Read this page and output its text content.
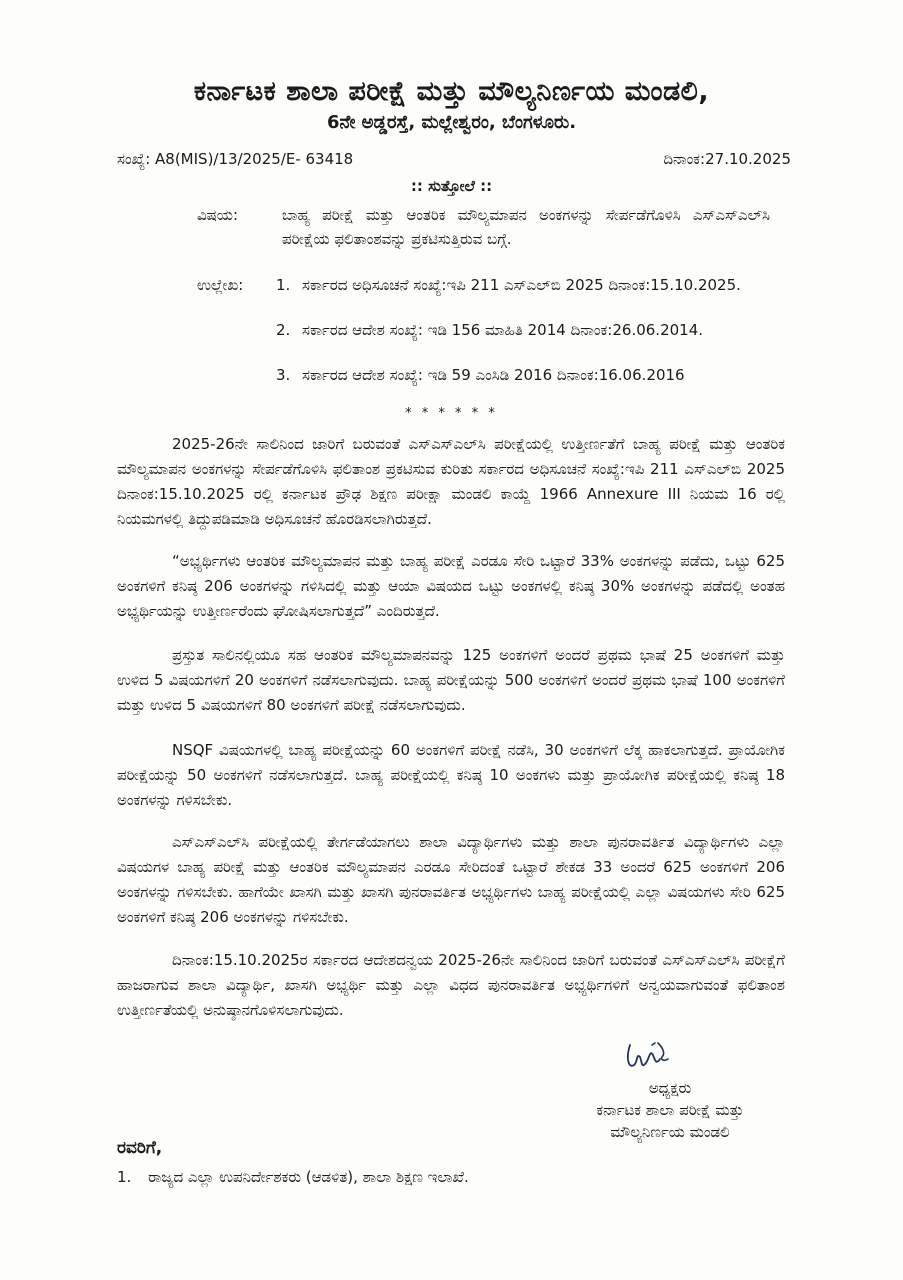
ಕರ್ನಾಟಕ ಶಾಲಾ ಪರೀಕ್ಷೆ ಮತ್ತು ಮೌಲ್ಯನಿರ್ಣಯ ಮಂಡಲಿ,
6ನೇ ಅಡ್ಡರಸ್ತೆ, ಮಲ್ಲೇಶ್ವರಂ, ಬೆಂಗಳೂರು.
ಸಂಖ್ಯೆ: A8(MIS)/13/2025/E- 63418	ದಿನಾಂಕ:27.10.2025
:: ಸುತ್ತೋಲೆ ::
ವಿಷಯ:	ಬಾಹ್ಯ ಪರೀಕ್ಷೆ ಮತ್ತು ಆಂತರಿಕ ಮೌಲ್ಯಮಾಪನ ಅಂಕಗಳನ್ನು ಸೇರ್ಪಡೆಗೊಳಿಸಿ ಎಸ್‌ಎಸ್‌ಎಲ್‌ಸಿ ಪರೀಕ್ಷೆಯ ಫಲಿತಾಂಶವನ್ನು ಪ್ರಕಟಿಸುತ್ತಿರುವ ಬಗ್ಗೆ.
ಉಲ್ಲೇಖ: 1. ಸರ್ಕಾರದ ಅಧಿಸೂಚನೆ ಸಂಖ್ಯೆ:ಇಪಿ 211 ಎಸ್‌ಎಲ್‌ಬಿ 2025 ದಿನಾಂಕ:15.10.2025.
2. ಸರ್ಕಾರದ ಆದೇಶ ಸಂಖ್ಯೆ: ಇಡಿ 156 ಮಾಹಿತಿ 2014 ದಿನಾಂಕ:26.06.2014.
3. ಸರ್ಕಾರದ ಆದೇಶ ಸಂಖ್ಯೆ: ಇಡಿ 59 ಎಂಸಿಡಿ 2016 ದಿನಾಂಕ:16.06.2016
* * * * * *
2025-26ನೇ ಸಾಲಿನಿಂದ ಜಾರಿಗೆ ಬರುವಂತೆ ಎಸ್‌ಎಸ್‌ಎಲ್‌ಸಿ ಪರೀಕ್ಷೆಯಲ್ಲಿ ಉತ್ತೀರ್ಣತೆಗೆ ಬಾಹ್ಯ ಪರೀಕ್ಷೆ ಮತ್ತು ಆಂತರಿಕ ಮೌಲ್ಯಮಾಪನ ಅಂಕಗಳನ್ನು ಸೇರ್ಪಡೆಗೊಳಿಸಿ ಫಲಿತಾಂಶ ಪ್ರಕಟಿಸುವ ಕುರಿತು ಸರ್ಕಾರದ ಅಧಿಸೂಚನೆ ಸಂಖ್ಯೆ:ಇಪಿ 211 ಎಸ್‌ಎಲ್‌ಬಿ 2025 ದಿನಾಂಕ:15.10.2025 ರಲ್ಲಿ ಕರ್ನಾಟಕ ಪ್ರೌಢ ಶಿಕ್ಷಣ ಪರೀಕ್ಷಾ ಮಂಡಲಿ ಕಾಯ್ದೆ 1966 Annexure III ನಿಯಮ 16 ರಲ್ಲಿ ನಿಯಮಗಳಲ್ಲಿ ತಿದ್ದುಪಡಿಮಾಡಿ ಅಧಿಸೂಚನೆ ಹೊರಡಿಸಲಾಗಿರುತ್ತದೆ.
“ಅಭ್ಯರ್ಥಿಗಳು ಆಂತರಿಕ ಮೌಲ್ಯಮಾಪನ ಮತ್ತು ಬಾಹ್ಯ ಪರೀಕ್ಷೆ ಎರಡೂ ಸೇರಿ ಒಟ್ಟಾರೆ 33% ಅಂಕಗಳನ್ನು ಪಡೆದು, ಒಟ್ಟು 625 ಅಂಕಗಳಿಗೆ ಕನಿಷ್ಠ 206 ಅಂಕಗಳನ್ನು ಗಳಿಸಿದಲ್ಲಿ ಮತ್ತು ಆಯಾ ವಿಷಯದ ಒಟ್ಟು ಅಂಕಗಳಲ್ಲಿ ಕನಿಷ್ಠ 30% ಅಂಕಗಳನ್ನು ಪಡೆದಲ್ಲಿ ಅಂತಹ ಅಭ್ಯರ್ಥಿಯನ್ನು ಉತ್ತೀರ್ಣರೆಂದು ಘೋಷಿಸಲಾಗುತ್ತದೆ” ಎಂದಿರುತ್ತದೆ.
ಪ್ರಸ್ತುತ ಸಾಲಿನಲ್ಲಿಯೂ ಸಹ ಆಂತರಿಕ ಮೌಲ್ಯಮಾಪನವನ್ನು 125 ಅಂಕಗಳಿಗೆ ಅಂದರೆ ಪ್ರಥಮ ಭಾಷೆ 25 ಅಂಕಗಳಿಗೆ ಮತ್ತು ಉಳಿದ 5 ವಿಷಯಗಳಿಗೆ 20 ಅಂಕಗಳಿಗೆ ನಡೆಸಲಾಗುವುದು. ಬಾಹ್ಯ ಪರೀಕ್ಷೆಯನ್ನು 500 ಅಂಕಗಳಿಗೆ ಅಂದರೆ ಪ್ರಥಮ ಭಾಷೆ 100 ಅಂಕಗಳಿಗೆ ಮತ್ತು ಉಳಿದ 5 ವಿಷಯಗಳಿಗೆ 80 ಅಂಕಗಳಿಗೆ ಪರೀಕ್ಷೆ ನಡೆಸಲಾಗುವುದು.
NSQF ವಿಷಯಗಳಲ್ಲಿ ಬಾಹ್ಯ ಪರೀಕ್ಷೆಯನ್ನು 60 ಅಂಕಗಳಿಗೆ ಪರೀಕ್ಷೆ ನಡೆಸಿ, 30 ಅಂಕಗಳಿಗೆ ಲೆಕ್ಕ ಹಾಕಲಾಗುತ್ತದೆ. ಪ್ರಾಯೋಗಿಕ ಪರೀಕ್ಷೆಯನ್ನು 50 ಅಂಕಗಳಿಗೆ ನಡೆಸಲಾಗುತ್ತದೆ. ಬಾಹ್ಯ ಪರೀಕ್ಷೆಯಲ್ಲಿ ಕನಿಷ್ಠ 10 ಅಂಕಗಳು ಮತ್ತು ಪ್ರಾಯೋಗಿಕ ಪರೀಕ್ಷೆಯಲ್ಲಿ ಕನಿಷ್ಠ 18 ಅಂಕಗಳನ್ನು ಗಳಿಸಬೇಕು.
ಎಸ್‌ಎಸ್‌ಎಲ್‌ಸಿ ಪರೀಕ್ಷೆಯಲ್ಲಿ ತೇರ್ಗಡೆಯಾಗಲು ಶಾಲಾ ವಿದ್ಯಾರ್ಥಿಗಳು ಮತ್ತು ಶಾಲಾ ಪುನರಾವರ್ತಿತ ವಿದ್ಯಾರ್ಥಿಗಳು ಎಲ್ಲಾ ವಿಷಯಗಳ ಬಾಹ್ಯ ಪರೀಕ್ಷೆ ಮತ್ತು ಆಂತರಿಕ ಮೌಲ್ಯಮಾಪನ ಎರಡೂ ಸೇರಿದಂತೆ ಒಟ್ಟಾರೆ ಶೇಕಡ 33 ಅಂದರೆ 625 ಅಂಕಗಳಿಗೆ 206 ಅಂಕಗಳನ್ನು ಗಳಿಸಬೇಕು. ಹಾಗೆಯೇ ಖಾಸಗಿ ಮತ್ತು ಖಾಸಗಿ ಪುನರಾವರ್ತಿತ ಅಭ್ಯರ್ಥಿಗಳು ಬಾಹ್ಯ ಪರೀಕ್ಷೆಯಲ್ಲಿ ಎಲ್ಲಾ ವಿಷಯಗಳು ಸೇರಿ 625 ಅಂಕಗಳಿಗೆ ಕನಿಷ್ಠ 206 ಅಂಕಗಳನ್ನು ಗಳಿಸಬೇಕು.
ದಿನಾಂಕ:15.10.2025ರ ಸರ್ಕಾರದ ಆದೇಶದನ್ವಯ 2025-26ನೇ ಸಾಲಿನಿಂದ ಜಾರಿಗೆ ಬರುವಂತೆ ಎಸ್‌ಎಸ್‌ಎಲ್‌ಸಿ ಪರೀಕ್ಷೆಗೆ ಹಾಜರಾಗುವ ಶಾಲಾ ವಿದ್ಯಾರ್ಥಿ, ಖಾಸಗಿ ಅಭ್ಯರ್ಥಿ ಮತ್ತು ಎಲ್ಲಾ ವಿಧದ ಪುನರಾವರ್ತಿತ ಅಭ್ಯರ್ಥಿಗಳಿಗೆ ಅನ್ವಯವಾಗುವಂತೆ ಫಲಿತಾಂಶ ಉತ್ತೀರ್ಣತೆಯಲ್ಲಿ ಅನುಷ್ಠಾನಗೊಳಿಸಲಾಗುವುದು.
ಅಧ್ಯಕ್ಷರು
ಕರ್ನಾಟಕ ಶಾಲಾ ಪರೀಕ್ಷೆ ಮತ್ತು
ಮೌಲ್ಯನಿರ್ಣಯ ಮಂಡಲಿ
ರವರಿಗೆ,
1. ರಾಜ್ಯದ ಎಲ್ಲಾ ಉಪನಿರ್ದೇಶಕರು (ಆಡಳಿತ), ಶಾಲಾ ಶಿಕ್ಷಣ ಇಲಾಖೆ.
